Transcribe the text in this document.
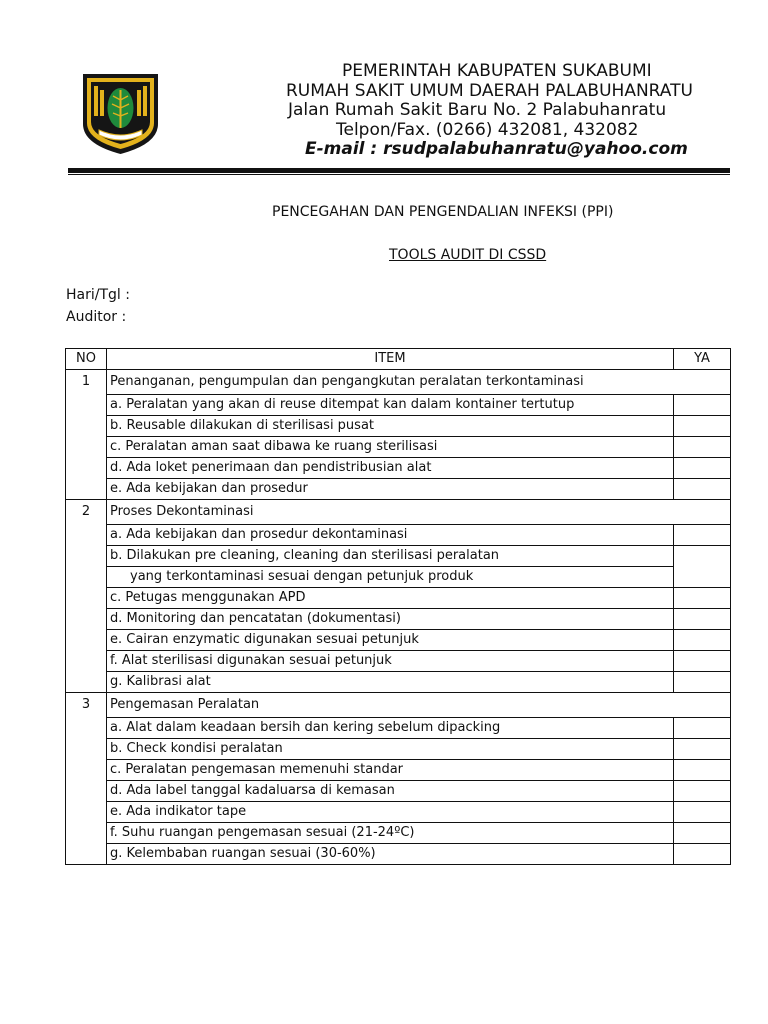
PEMERINTAH KABUPATEN SUKABUMI
RUMAH SAKIT UMUM DAERAH PALABUHANRATU
Jalan Rumah Sakit Baru No. 2 Palabuhanratu
Telpon/Fax. (0266) 432081, 432082
E-mail : rsudpalabuhanratu@yahoo.com
PENCEGAHAN DAN PENGENDALIAN INFEKSI (PPI)
TOOLS AUDIT DI CSSD
Hari/Tgl :
Auditor :
NO	ITEM	YA
1	Penanganan, pengumpulan dan pengangkutan peralatan terkontaminasi	
	a. Peralatan yang akan di reuse ditempat kan dalam kontainer tertutup	
	b. Reusable dilakukan di sterilisasi pusat	
	c. Peralatan aman saat dibawa ke ruang sterilisasi	
	d. Ada loket penerimaan dan pendistribusian alat	
	e. Ada kebijakan dan prosedur	
2	Proses Dekontaminasi	
	a. Ada kebijakan dan prosedur dekontaminasi	
	b. Dilakukan pre cleaning, cleaning dan sterilisasi peralatan	
	yang terkontaminasi sesuai dengan petunjuk produk	
	c. Petugas menggunakan APD	
	d. Monitoring dan pencatatan (dokumentasi)	
	e. Cairan enzymatic digunakan sesuai petunjuk	
	f. Alat sterilisasi digunakan sesuai petunjuk	
	g. Kalibrasi alat	
3	Pengemasan Peralatan	
	a. Alat dalam keadaan bersih dan kering sebelum dipacking	
	b. Check kondisi peralatan	
	c. Peralatan pengemasan memenuhi standar	
	d. Ada label tanggal kadaluarsa di kemasan	
	e. Ada indikator tape	
	f. Suhu ruangan pengemasan sesuai (21-24ºC)	
	g. Kelembaban ruangan sesuai (30-60%)	
